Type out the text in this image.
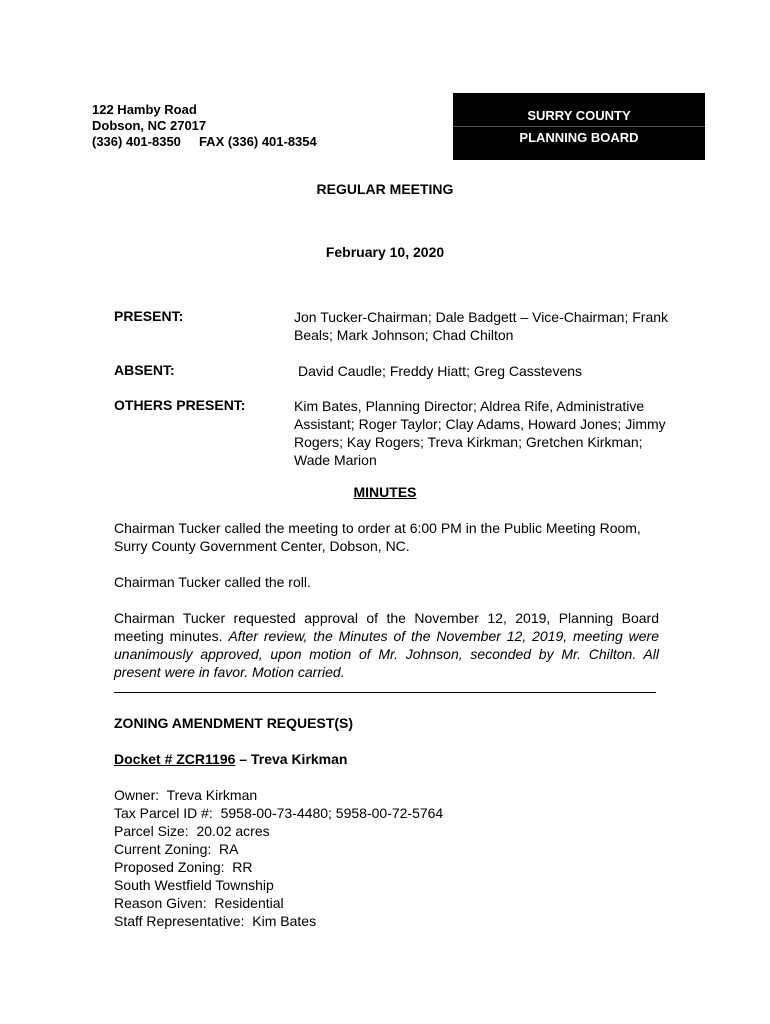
122 Hamby Road
Dobson, NC 27017
(336) 401-8350     FAX (336) 401-8354
SURRY COUNTY
PLANNING BOARD
REGULAR MEETING
February 10, 2020
PRESENT:	Jon Tucker-Chairman; Dale Badgett – Vice-Chairman; Frank Beals; Mark Johnson; Chad Chilton
ABSENT:	David Caudle; Freddy Hiatt; Greg Casstevens
OTHERS PRESENT:	Kim Bates, Planning Director; Aldrea Rife, Administrative Assistant; Roger Taylor; Clay Adams, Howard Jones; Jimmy Rogers; Kay Rogers; Treva Kirkman; Gretchen Kirkman; Wade Marion
MINUTES
Chairman Tucker called the meeting to order at 6:00 PM in the Public Meeting Room, Surry County Government Center, Dobson, NC.
Chairman Tucker called the roll.
Chairman Tucker requested approval of the November 12, 2019, Planning Board meeting minutes. After review, the Minutes of the November 12, 2019, meeting were unanimously approved, upon motion of Mr. Johnson, seconded by Mr. Chilton. All present were in favor. Motion carried.
ZONING AMENDMENT REQUEST(S)
Docket # ZCR1196 – Treva Kirkman
Owner:  Treva Kirkman
Tax Parcel ID #:  5958-00-73-4480; 5958-00-72-5764
Parcel Size:  20.02 acres
Current Zoning:  RA
Proposed Zoning:  RR
South Westfield Township
Reason Given:  Residential
Staff Representative:  Kim Bates
